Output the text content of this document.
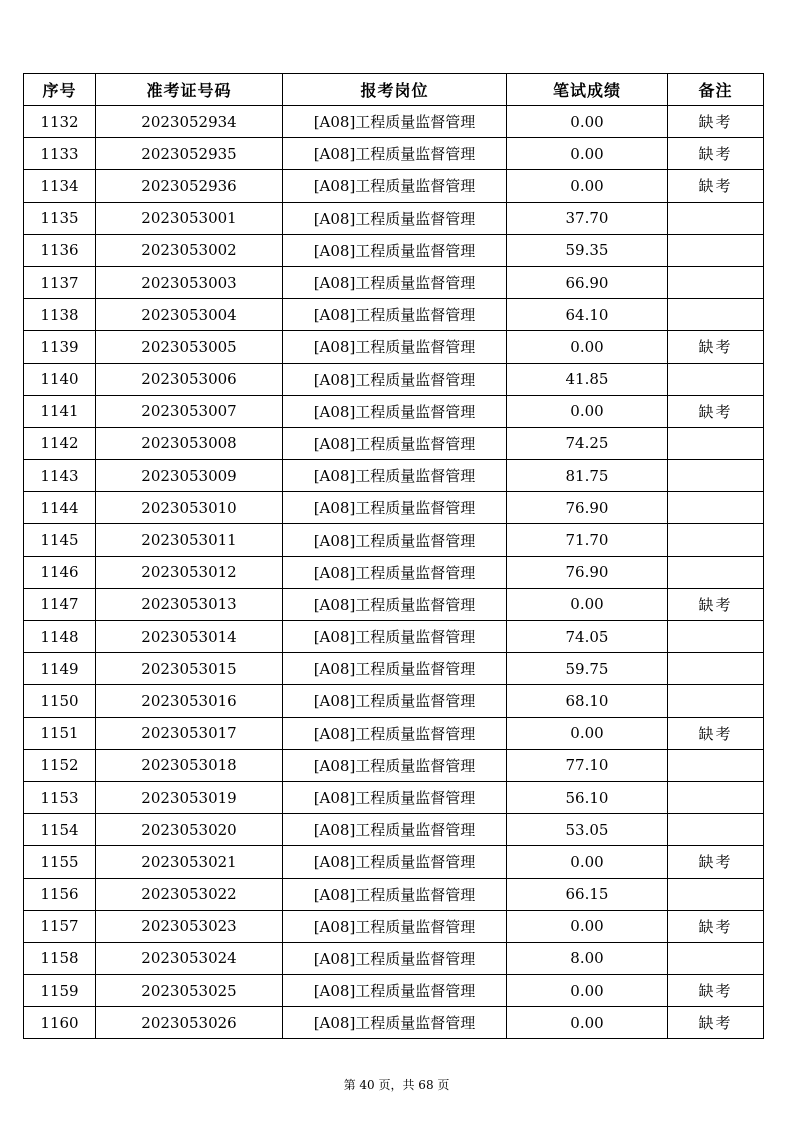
序号	准考证号码	报考岗位	笔试成绩	备注
1132	2023052934	[A08]工程质量监督管理	0.00	缺考
1133	2023052935	[A08]工程质量监督管理	0.00	缺考
1134	2023052936	[A08]工程质量监督管理	0.00	缺考
1135	2023053001	[A08]工程质量监督管理	37.70	
1136	2023053002	[A08]工程质量监督管理	59.35	
1137	2023053003	[A08]工程质量监督管理	66.90	
1138	2023053004	[A08]工程质量监督管理	64.10	
1139	2023053005	[A08]工程质量监督管理	0.00	缺考
1140	2023053006	[A08]工程质量监督管理	41.85	
1141	2023053007	[A08]工程质量监督管理	0.00	缺考
1142	2023053008	[A08]工程质量监督管理	74.25	
1143	2023053009	[A08]工程质量监督管理	81.75	
1144	2023053010	[A08]工程质量监督管理	76.90	
1145	2023053011	[A08]工程质量监督管理	71.70	
1146	2023053012	[A08]工程质量监督管理	76.90	
1147	2023053013	[A08]工程质量监督管理	0.00	缺考
1148	2023053014	[A08]工程质量监督管理	74.05	
1149	2023053015	[A08]工程质量监督管理	59.75	
1150	2023053016	[A08]工程质量监督管理	68.10	
1151	2023053017	[A08]工程质量监督管理	0.00	缺考
1152	2023053018	[A08]工程质量监督管理	77.10	
1153	2023053019	[A08]工程质量监督管理	56.10	
1154	2023053020	[A08]工程质量监督管理	53.05	
1155	2023053021	[A08]工程质量监督管理	0.00	缺考
1156	2023053022	[A08]工程质量监督管理	66.15	
1157	2023053023	[A08]工程质量监督管理	0.00	缺考
1158	2023053024	[A08]工程质量监督管理	8.00	
1159	2023053025	[A08]工程质量监督管理	0.00	缺考
1160	2023053026	[A08]工程质量监督管理	0.00	缺考
第 40 页，共 68 页
